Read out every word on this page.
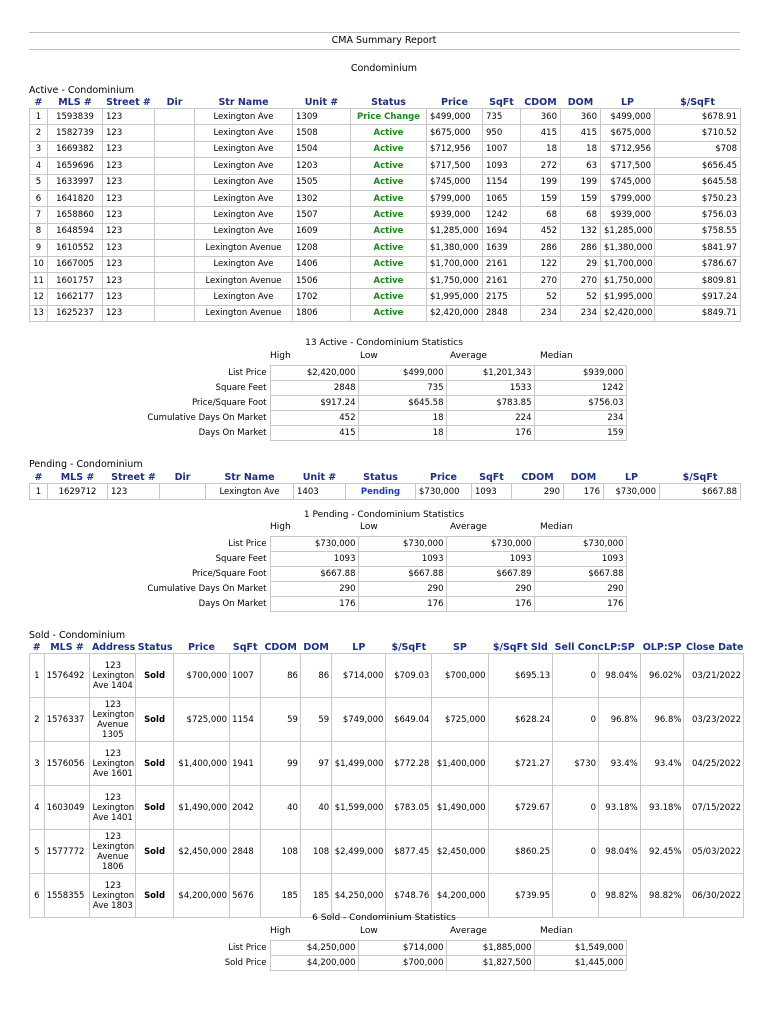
CMA Summary Report
Condominium
Active - Condominium
#	MLS #	Street #	Dir	Str Name	Unit #	Status	Price	SqFt	CDOM	DOM	LP	$/SqFt
1	1593839	123		Lexington Ave	1309	Price Change	$499,000	735	360	360	$499,000	$678.91
2	1582739	123		Lexington Ave	1508	Active	$675,000	950	415	415	$675,000	$710.52
3	1669382	123		Lexington Ave	1504	Active	$712,956	1007	18	18	$712,956	$708
4	1659696	123		Lexington Ave	1203	Active	$717,500	1093	272	63	$717,500	$656.45
5	1633997	123		Lexington Ave	1505	Active	$745,000	1154	199	199	$745,000	$645.58
6	1641820	123		Lexington Ave	1302	Active	$799,000	1065	159	159	$799,000	$750.23
7	1658860	123		Lexington Ave	1507	Active	$939,000	1242	68	68	$939,000	$756.03
8	1648594	123		Lexington Ave	1609	Active	$1,285,000	1694	452	132	$1,285,000	$758.55
9	1610552	123		Lexington Avenue	1208	Active	$1,380,000	1639	286	286	$1,380,000	$841.97
10	1667005	123		Lexington Ave	1406	Active	$1,700,000	2161	122	29	$1,700,000	$786.67
11	1601757	123		Lexington Avenue	1506	Active	$1,750,000	2161	270	270	$1,750,000	$809.81
12	1662177	123		Lexington Ave	1702	Active	$1,995,000	2175	52	52	$1,995,000	$917.24
13	1625237	123		Lexington Avenue	1806	Active	$2,420,000	2848	234	234	$2,420,000	$849.71
13 Active - Condominium Statistics
High	Low	Average	Median
List Price	$2,420,000	$499,000	$1,201,343	$939,000
Square Feet	2848	735	1533	1242
Price/Square Foot	$917.24	$645.58	$783.85	$756.03
Cumulative Days On Market	452	18	224	234
Days On Market	415	18	176	159
Pending - Condominium
#	MLS #	Street #	Dir	Str Name	Unit #	Status	Price	SqFt	CDOM	DOM	LP	$/SqFt
1	1629712	123		Lexington Ave	1403	Pending	$730,000	1093	290	176	$730,000	$667.88
1 Pending - Condominium Statistics
High	Low	Average	Median
List Price	$730,000	$730,000	$730,000	$730,000
Square Feet	1093	1093	1093	1093
Price/Square Foot	$667.88	$667.88	$667.89	$667.88
Cumulative Days On Market	290	290	290	290
Days On Market	176	176	176	176
Sold - Condominium
#	MLS #	Address	Status	Price	SqFt	CDOM	DOM	LP	$/SqFt	SP	$/SqFt Sld	Sell Conc	LP:SP	OLP:SP	Close Date
1	1576492	123 Lexington Ave 1404	Sold	$700,000	1007	86	86	$714,000	$709.03	$700,000	$695.13	0	98.04%	96.02%	03/21/2022
2	1576337	123 Lexington Avenue 1305	Sold	$725,000	1154	59	59	$749,000	$649.04	$725,000	$628.24	0	96.8%	96.8%	03/23/2022
3	1576056	123 Lexington Ave 1601	Sold	$1,400,000	1941	99	97	$1,499,000	$772.28	$1,400,000	$721.27	$730	93.4%	93.4%	04/25/2022
4	1603049	123 Lexington Ave 1401	Sold	$1,490,000	2042	40	40	$1,599,000	$783.05	$1,490,000	$729.67	0	93.18%	93.18%	07/15/2022
5	1577772	123 Lexington Avenue 1806	Sold	$2,450,000	2848	108	108	$2,499,000	$877.45	$2,450,000	$860.25	0	98.04%	92.45%	05/03/2022
6	1558355	123 Lexington Ave 1803	Sold	$4,200,000	5676	185	185	$4,250,000	$748.76	$4,200,000	$739.95	0	98.82%	98.82%	06/30/2022
6 Sold - Condominium Statistics
High	Low	Average	Median
List Price	$4,250,000	$714,000	$1,885,000	$1,549,000
Sold Price	$4,200,000	$700,000	$1,827,500	$1,445,000
